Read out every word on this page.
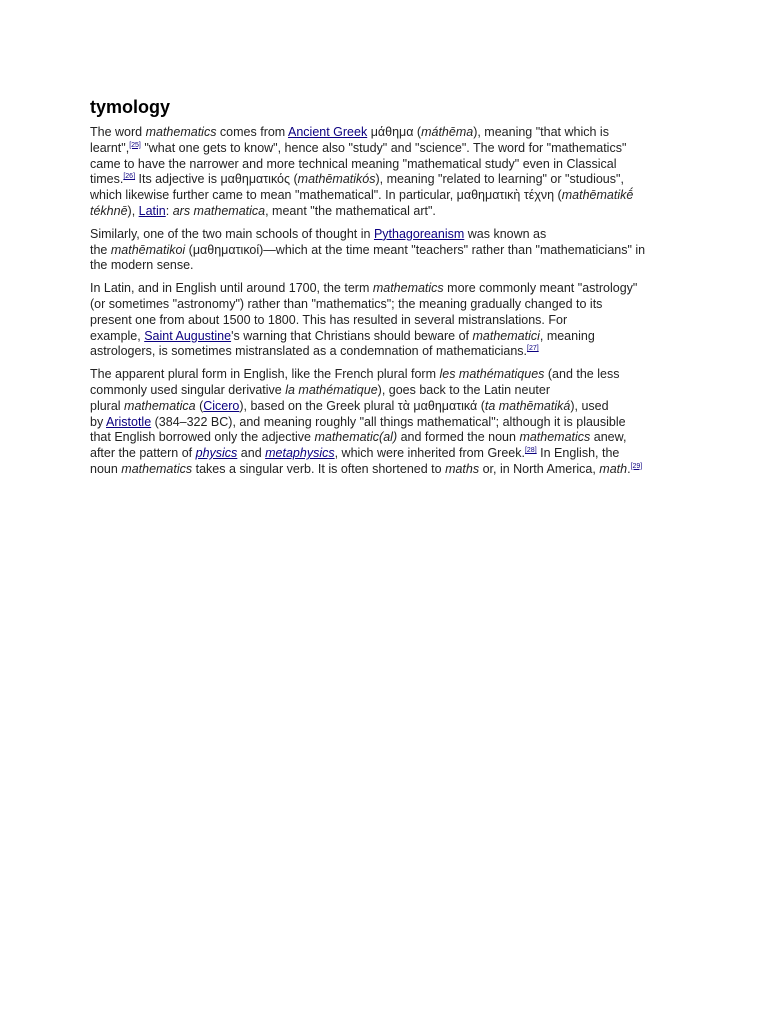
tymology

The word mathematics comes from Ancient Greek μάθημα (máthēma), meaning "that which is
learnt",[25] "what one gets to know", hence also "study" and "science". The word for "mathematics"
came to have the narrower and more technical meaning "mathematical study" even in Classical
times.[26] Its adjective is μαθηματικός (mathēmatikós), meaning "related to learning" or "studious",
which likewise further came to mean "mathematical". In particular, μαθηματικὴ τέχνη (mathēmatikḗ
tékhnē), Latin: ars mathematica, meant "the mathematical art".

Similarly, one of the two main schools of thought in Pythagoreanism was known as
the mathēmatikoi (μαθηματικοί)—which at the time meant "teachers" rather than "mathematicians" in
the modern sense.

In Latin, and in English until around 1700, the term mathematics more commonly meant "astrology"
(or sometimes "astronomy") rather than "mathematics"; the meaning gradually changed to its
present one from about 1500 to 1800. This has resulted in several mistranslations. For
example, Saint Augustine's warning that Christians should beware of mathematici, meaning
astrologers, is sometimes mistranslated as a condemnation of mathematicians.[27]

The apparent plural form in English, like the French plural form les mathématiques (and the less
commonly used singular derivative la mathématique), goes back to the Latin neuter
plural mathematica (Cicero), based on the Greek plural τὰ μαθηματικά (ta mathēmatiká), used
by Aristotle (384–322 BC), and meaning roughly "all things mathematical"; although it is plausible
that English borrowed only the adjective mathematic(al) and formed the noun mathematics anew,
after the pattern of physics and metaphysics, which were inherited from Greek.[28] In English, the
noun mathematics takes a singular verb. It is often shortened to maths or, in North America, math.[29]
